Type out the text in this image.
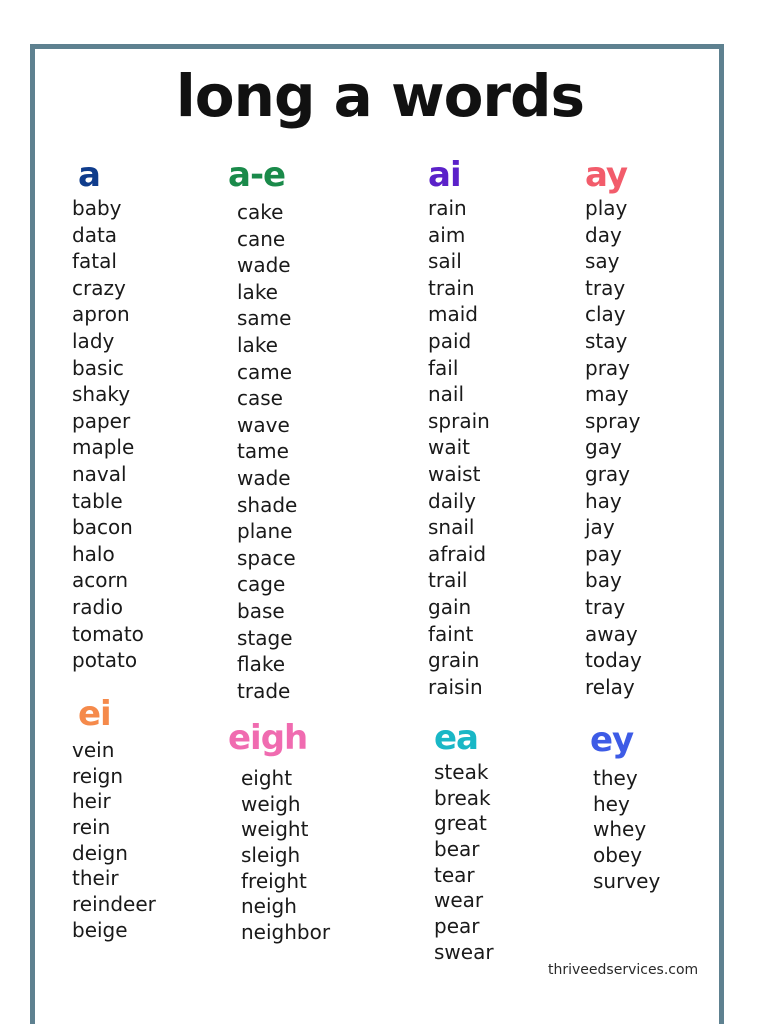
long a words
a
baby
data
fatal
crazy
apron
lady
basic
shaky
paper
maple
naval
table
bacon
halo
acorn
radio
tomato
potato
a-e
cake
cane
wade
lake
same
lake
came
case
wave
tame
wade
shade
plane
space
cage
base
stage
flake
trade
ai
rain
aim
sail
train
maid
paid
fail
nail
sprain
wait
waist
daily
snail
afraid
trail
gain
faint
grain
raisin
ay
play
day
say
tray
clay
stay
pray
may
spray
gay
gray
hay
jay
pay
bay
tray
away
today
relay
ei
vein
reign
heir
rein
deign
their
reindeer
beige
eigh
eight
weigh
weight
sleigh
freight
neigh
neighbor
ea
steak
break
great
bear
tear
wear
pear
swear
ey
they
hey
whey
obey
survey
thriveedservices.com
